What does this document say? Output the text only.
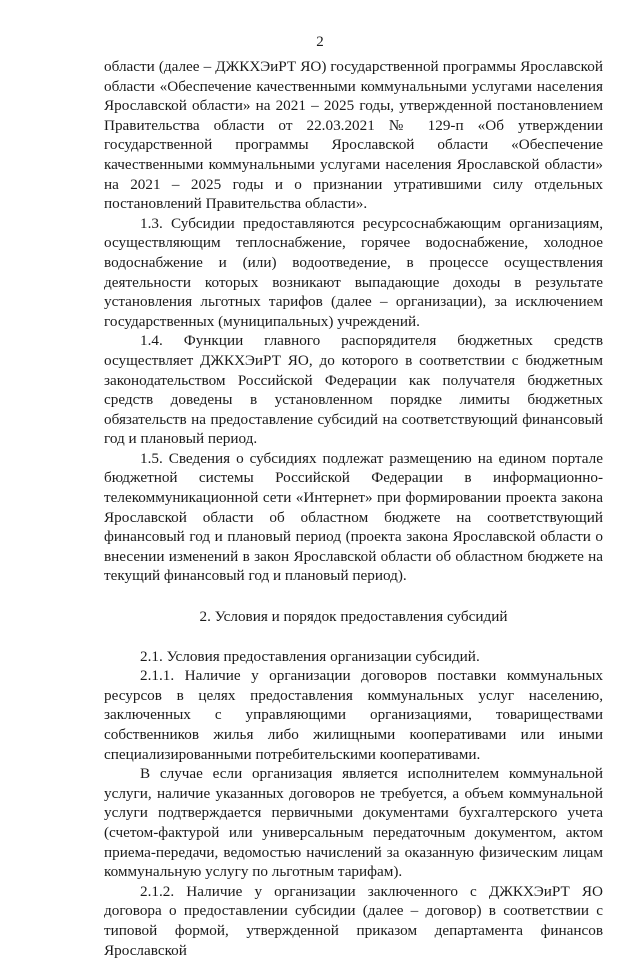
2

области (далее – ДЖКХЭиРТ ЯО) государственной программы Ярославской области «Обеспечение качественными коммунальными услугами населения Ярославской области» на 2021 – 2025 годы, утвержденной постановлением Правительства области от 22.03.2021 № 129-п «Об утверждении государственной программы Ярославской области «Обеспечение качественными коммунальными услугами населения Ярославской области» на 2021 – 2025 годы и о признании утратившими силу отдельных постановлений Правительства области».

1.3. Субсидии предоставляются ресурсоснабжающим организациям, осуществляющим теплоснабжение, горячее водоснабжение, холодное водоснабжение и (или) водоотведение, в процессе осуществления деятельности которых возникают выпадающие доходы в результате установления льготных тарифов (далее – организации), за исключением государственных (муниципальных) учреждений.

1.4. Функции главного распорядителя бюджетных средств осуществляет ДЖКХЭиРТ ЯО, до которого в соответствии с бюджетным законодательством Российской Федерации как получателя бюджетных средств доведены в установленном порядке лимиты бюджетных обязательств на предоставление субсидий на соответствующий финансовый год и плановый период.

1.5. Сведения о субсидиях подлежат размещению на едином портале бюджетной системы Российской Федерации в информационно-телекоммуникационной сети «Интернет» при формировании проекта закона Ярославской области об областном бюджете на соответствующий финансовый год и плановый период (проекта закона Ярославской области о внесении изменений в закон Ярославской области об областном бюджете на текущий финансовый год и плановый период).

2. Условия и порядок предоставления субсидий

2.1. Условия предоставления организации субсидий.

2.1.1. Наличие у организации договоров поставки коммунальных ресурсов в целях предоставления коммунальных услуг населению, заключенных с управляющими организациями, товариществами собственников жилья либо жилищными кооперативами или иными специализированными потребительскими кооперативами.

В случае если организация является исполнителем коммунальной услуги, наличие указанных договоров не требуется, а объем коммунальной услуги подтверждается первичными документами бухгалтерского учета (счетом-фактурой или универсальным передаточным документом, актом приема-передачи, ведомостью начислений за оказанную физическим лицам коммунальную услугу по льготным тарифам).

2.1.2. Наличие у организации заключенного с ДЖКХЭиРТ ЯО договора о предоставлении субсидии (далее – договор) в соответствии с типовой формой, утвержденной приказом департамента финансов Ярославской
